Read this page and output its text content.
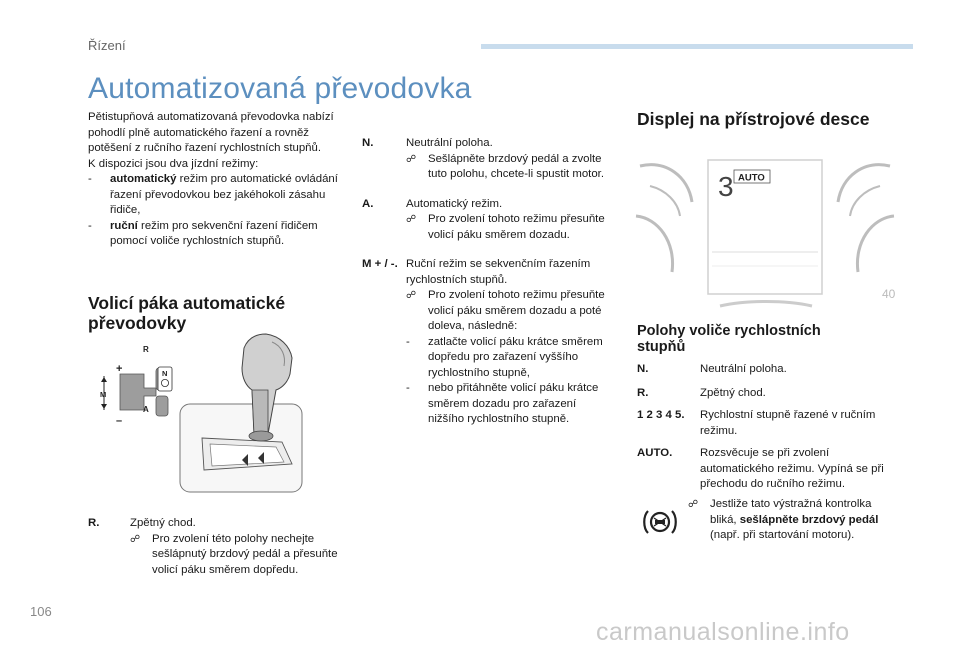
Řízení
Automatizovaná převodovka

Pětistupňová automatizovaná převodovka nabízí pohodlí plně automatického řazení a rovněž potěšení z ručního řazení rychlostních stupňů.

K dispozici jsou dva jízdní režimy:

-	automatický režim pro automatické ovládání řazení převodovkou bez jakéhokoli zásahu řidiče,
-	ruční režim pro sekvenční řazení řidičem pomocí voliče rychlostních stupňů.
Volicí páka automatické
převodovky
R
A
M
N
+
–
R.	Zpětný chod.
☍	Pro zvolení této polohy nechejte sešlápnutý brzdový pedál a přesuňte volicí páku směrem dopředu.
N.	Neutrální poloha.
☍	Sešlápněte brzdový pedál a zvolte tuto polohu, chcete-li spustit motor.
A.	Automatický režim.
☍	Pro zvolení tohoto režimu přesuňte volicí páku směrem dozadu.
M + / -. Ruční režim se sekvenčním řazením rychlostních stupňů.
☍	Pro zvolení tohoto režimu přesuňte volicí páku směrem dozadu a poté doleva, následně:
-	zatlačte volicí páku krátce směrem dopředu pro zařazení vyššího rychlostního stupně,
-	nebo přitáhněte volicí páku krátce směrem dozadu pro zařazení nižšího rychlostního stupně.
Displej na přístrojové desce
40
3 AUTO
Polohy voliče rychlostních
stupňů
N.	Neutrální poloha.
R.	Zpětný chod.
1 2 3 4 5.	Rychlostní stupně řazené v ručním režimu.
AUTO.	Rozsvěcuje se při zvolení automatického režimu. Vypíná se při přechodu do ručního režimu.
☍	Jestliže tato výstražná kontrolka bliká, sešlápněte brzdový pedál (např. při startování motoru).
106
carmanualsonline.info
